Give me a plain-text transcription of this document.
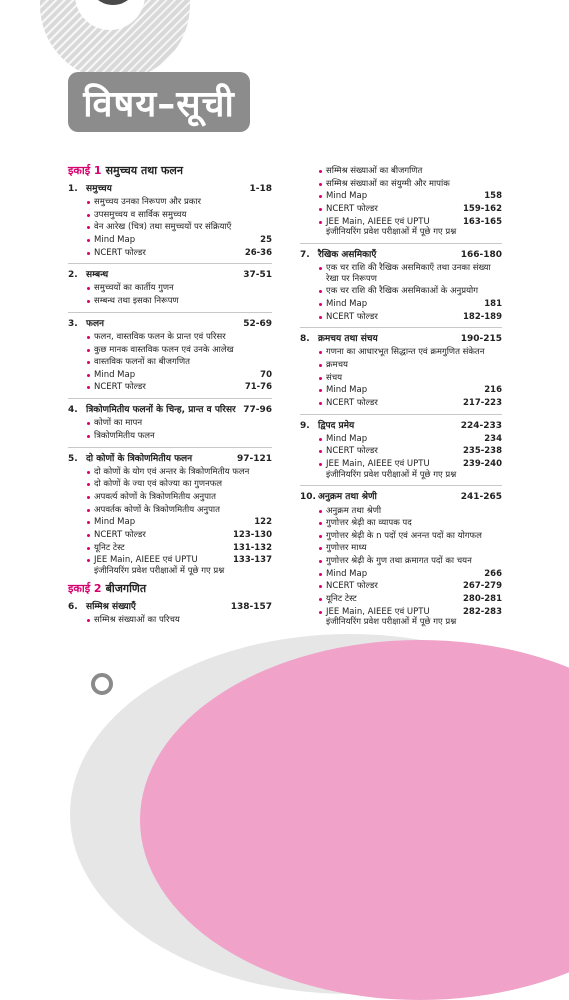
विषय–सूची
इकाई 1 समुच्चय तथा फलन
1. समुच्चय	1-18
समुच्चय उनका निरूपण और प्रकार
उपसमुच्चय व सार्विक समुच्चय
वेन आरेख (चित्र) तथा समुच्चयों पर संक्रियाएँ
Mind Map	25
NCERT फोल्डर	26-36
2. सम्बन्ध	37-51
समुच्चयों का कार्तीय गुणन
सम्बन्ध तथा इसका निरूपण
3. फलन	52-69
फलन, वास्तविक फलन के प्रान्त एवं परिसर
कुछ मानक वास्तविक फलन एवं उनके आलेख
वास्तविक फलनों का बीजगणित
Mind Map	70
NCERT फोल्डर	71-76
4. त्रिकोणमितीय फलनों के चिन्ह, प्रान्त व परिसर 77-96
कोणों का मापन
त्रिकोणमितीय फलन
5. दो कोणों के त्रिकोणमितीय फलन	97-121
दो कोणों के योग एवं अन्तर के त्रिकोणमितीय फलन
दो कोणों के ज्या एवं कोज्या का गुणनफल
अपवर्त्य कोणों के त्रिकोणमितीय अनुपात
अपवर्तक कोणों के त्रिकोणमितीय अनुपात
Mind Map	122
NCERT फोल्डर	123-130
यूनिट टेस्ट	131-132
JEE Main, AIEEE एवं UPTU इंजीनियरिंग प्रवेश परीक्षाओं में पूछे गए प्रश्न
133-137
इकाई 2 बीजगणित
6. सम्मिश्र संख्याएँ	138-157
सम्मिश्र संख्याओं का परिचय
सम्मिश्र संख्याओं का बीजगणित
सम्मिश्र संख्याओं का संयुग्मी और मापांक
Mind Map	158
NCERT फोल्डर	159-162
JEE Main, AIEEE एवं UPTU इंजीनियरिंग प्रवेश परीक्षाओं में पूछे गए प्रश्न
163-165
7. रैखिक असमिकाएँ	166-180
एक चर राशि की रैखिक असमिकाएँ तथा उनका संख्या रेखा पर निरूपण
एक चर राशि की रैखिक असमिकाओं के अनुप्रयोग
Mind Map	181
NCERT फोल्डर	182-189
8. क्रमचय तथा संचय	190-215
गणना का आधारभूत सिद्धान्त एवं क्रमगुणित संकेतन
क्रमचय
संचय
Mind Map	216
NCERT फोल्डर	217-223
9. द्विपद प्रमेय	224-233
Mind Map	234
NCERT फोल्डर	235-238
JEE Main, AIEEE एवं UPTU इंजीनियरिंग प्रवेश परीक्षाओं में पूछे गए प्रश्न
239-240
10. अनुक्रम तथा श्रेणी	241-265
अनुक्रम तथा श्रेणी
गुणोत्तर श्रेढ़ी का व्यापक पद
गुणोत्तर श्रेढ़ी के n पदों एवं अनन्त पदों का योगफल
गुणोत्तर माध्य
गुणोत्तर श्रेढ़ी के गुण तथा क्रमागत पदों का चयन
Mind Map	266
NCERT फोल्डर	267-279
यूनिट टेस्ट	280-281
JEE Main, AIEEE एवं UPTU इंजीनियरिंग प्रवेश परीक्षाओं में पूछे गए प्रश्न
282-283
